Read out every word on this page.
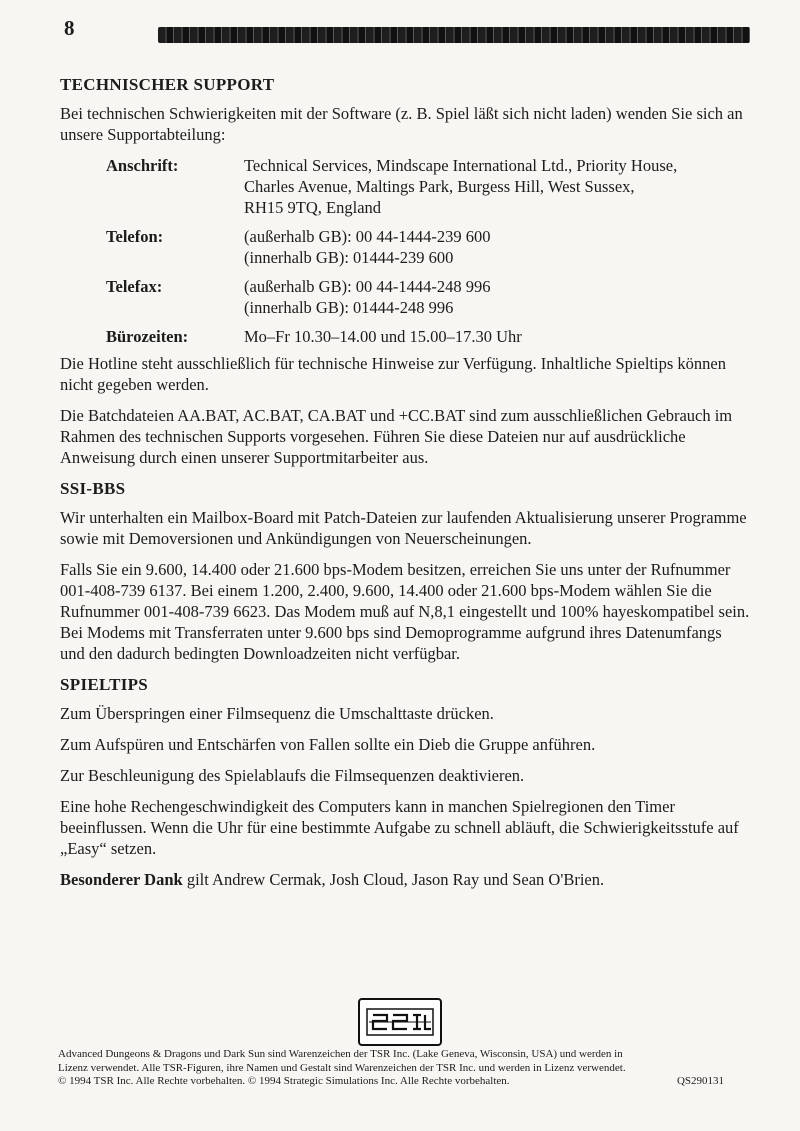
8
TECHNISCHER SUPPORT

Bei technischen Schwierigkeiten mit der Software (z. B. Spiel läßt sich nicht laden) wenden Sie sich an unsere Supportabteilung:

Anschrift:	Technical Services, Mindscape International Ltd., Priority House,
Charles Avenue, Maltings Park, Burgess Hill, West Sussex,
RH15 9TQ, England
Telefon:	(außerhalb GB): 00 44-1444-239 600
(innerhalb GB): 01444-239 600
Telefax:	(außerhalb GB): 00 44-1444-248 996
(innerhalb GB): 01444-248 996
Bürozeiten:	Mo–Fr 10.30–14.00 und 15.00–17.30 Uhr

Die Hotline steht ausschließlich für technische Hinweise zur Verfügung. Inhaltliche Spieltips können nicht gegeben werden.

Die Batchdateien AA.BAT, AC.BAT, CA.BAT und +CC.BAT sind zum ausschließlichen Gebrauch im Rahmen des technischen Supports vorgesehen. Führen Sie diese Dateien nur auf ausdrückliche Anweisung durch einen unserer Supportmitarbeiter aus.

SSI-BBS

Wir unterhalten ein Mailbox-Board mit Patch-Dateien zur laufenden Aktualisierung unserer Programme sowie mit Demoversionen und Ankündigungen von Neuerscheinungen.

Falls Sie ein 9.600, 14.400 oder 21.600 bps-Modem besitzen, erreichen Sie uns unter der Rufnummer 001-408-739 6137. Bei einem 1.200, 2.400, 9.600, 14.400 oder 21.600 bps-Modem wählen Sie die Rufnummer 001-408-739 6623. Das Modem muß auf N,8,1 eingestellt und 100% hayeskompatibel sein. Bei Modems mit Transferraten unter 9.600 bps sind Demoprogramme aufgrund ihres Datenumfangs und den dadurch bedingten Downloadzeiten nicht verfügbar.

SPIELTIPS

Zum Überspringen einer Filmsequenz die Umschalttaste drücken.

Zum Aufspüren und Entschärfen von Fallen sollte ein Dieb die Gruppe anführen.

Zur Beschleunigung des Spielablaufs die Filmsequenzen deaktivieren.

Eine hohe Rechengeschwindigkeit des Computers kann in manchen Spielregionen den Timer beeinflussen. Wenn die Uhr für eine bestimmte Aufgabe zu schnell abläuft, die Schwierigkeitsstufe auf „Easy“ setzen.

Besonderer Dank gilt Andrew Cermak, Josh Cloud, Jason Ray und Sean O'Brien.

Advanced Dungeons & Dragons und Dark Sun sind Warenzeichen der TSR Inc. (Lake Geneva, Wisconsin, USA) und werden in
Lizenz verwendet. Alle TSR-Figuren, ihre Namen und Gestalt sind Warenzeichen der TSR Inc. und werden in Lizenz verwendet.
© 1994 TSR Inc. Alle Rechte vorbehalten. © 1994 Strategic Simulations Inc. Alle Rechte vorbehalten.	QS290131
